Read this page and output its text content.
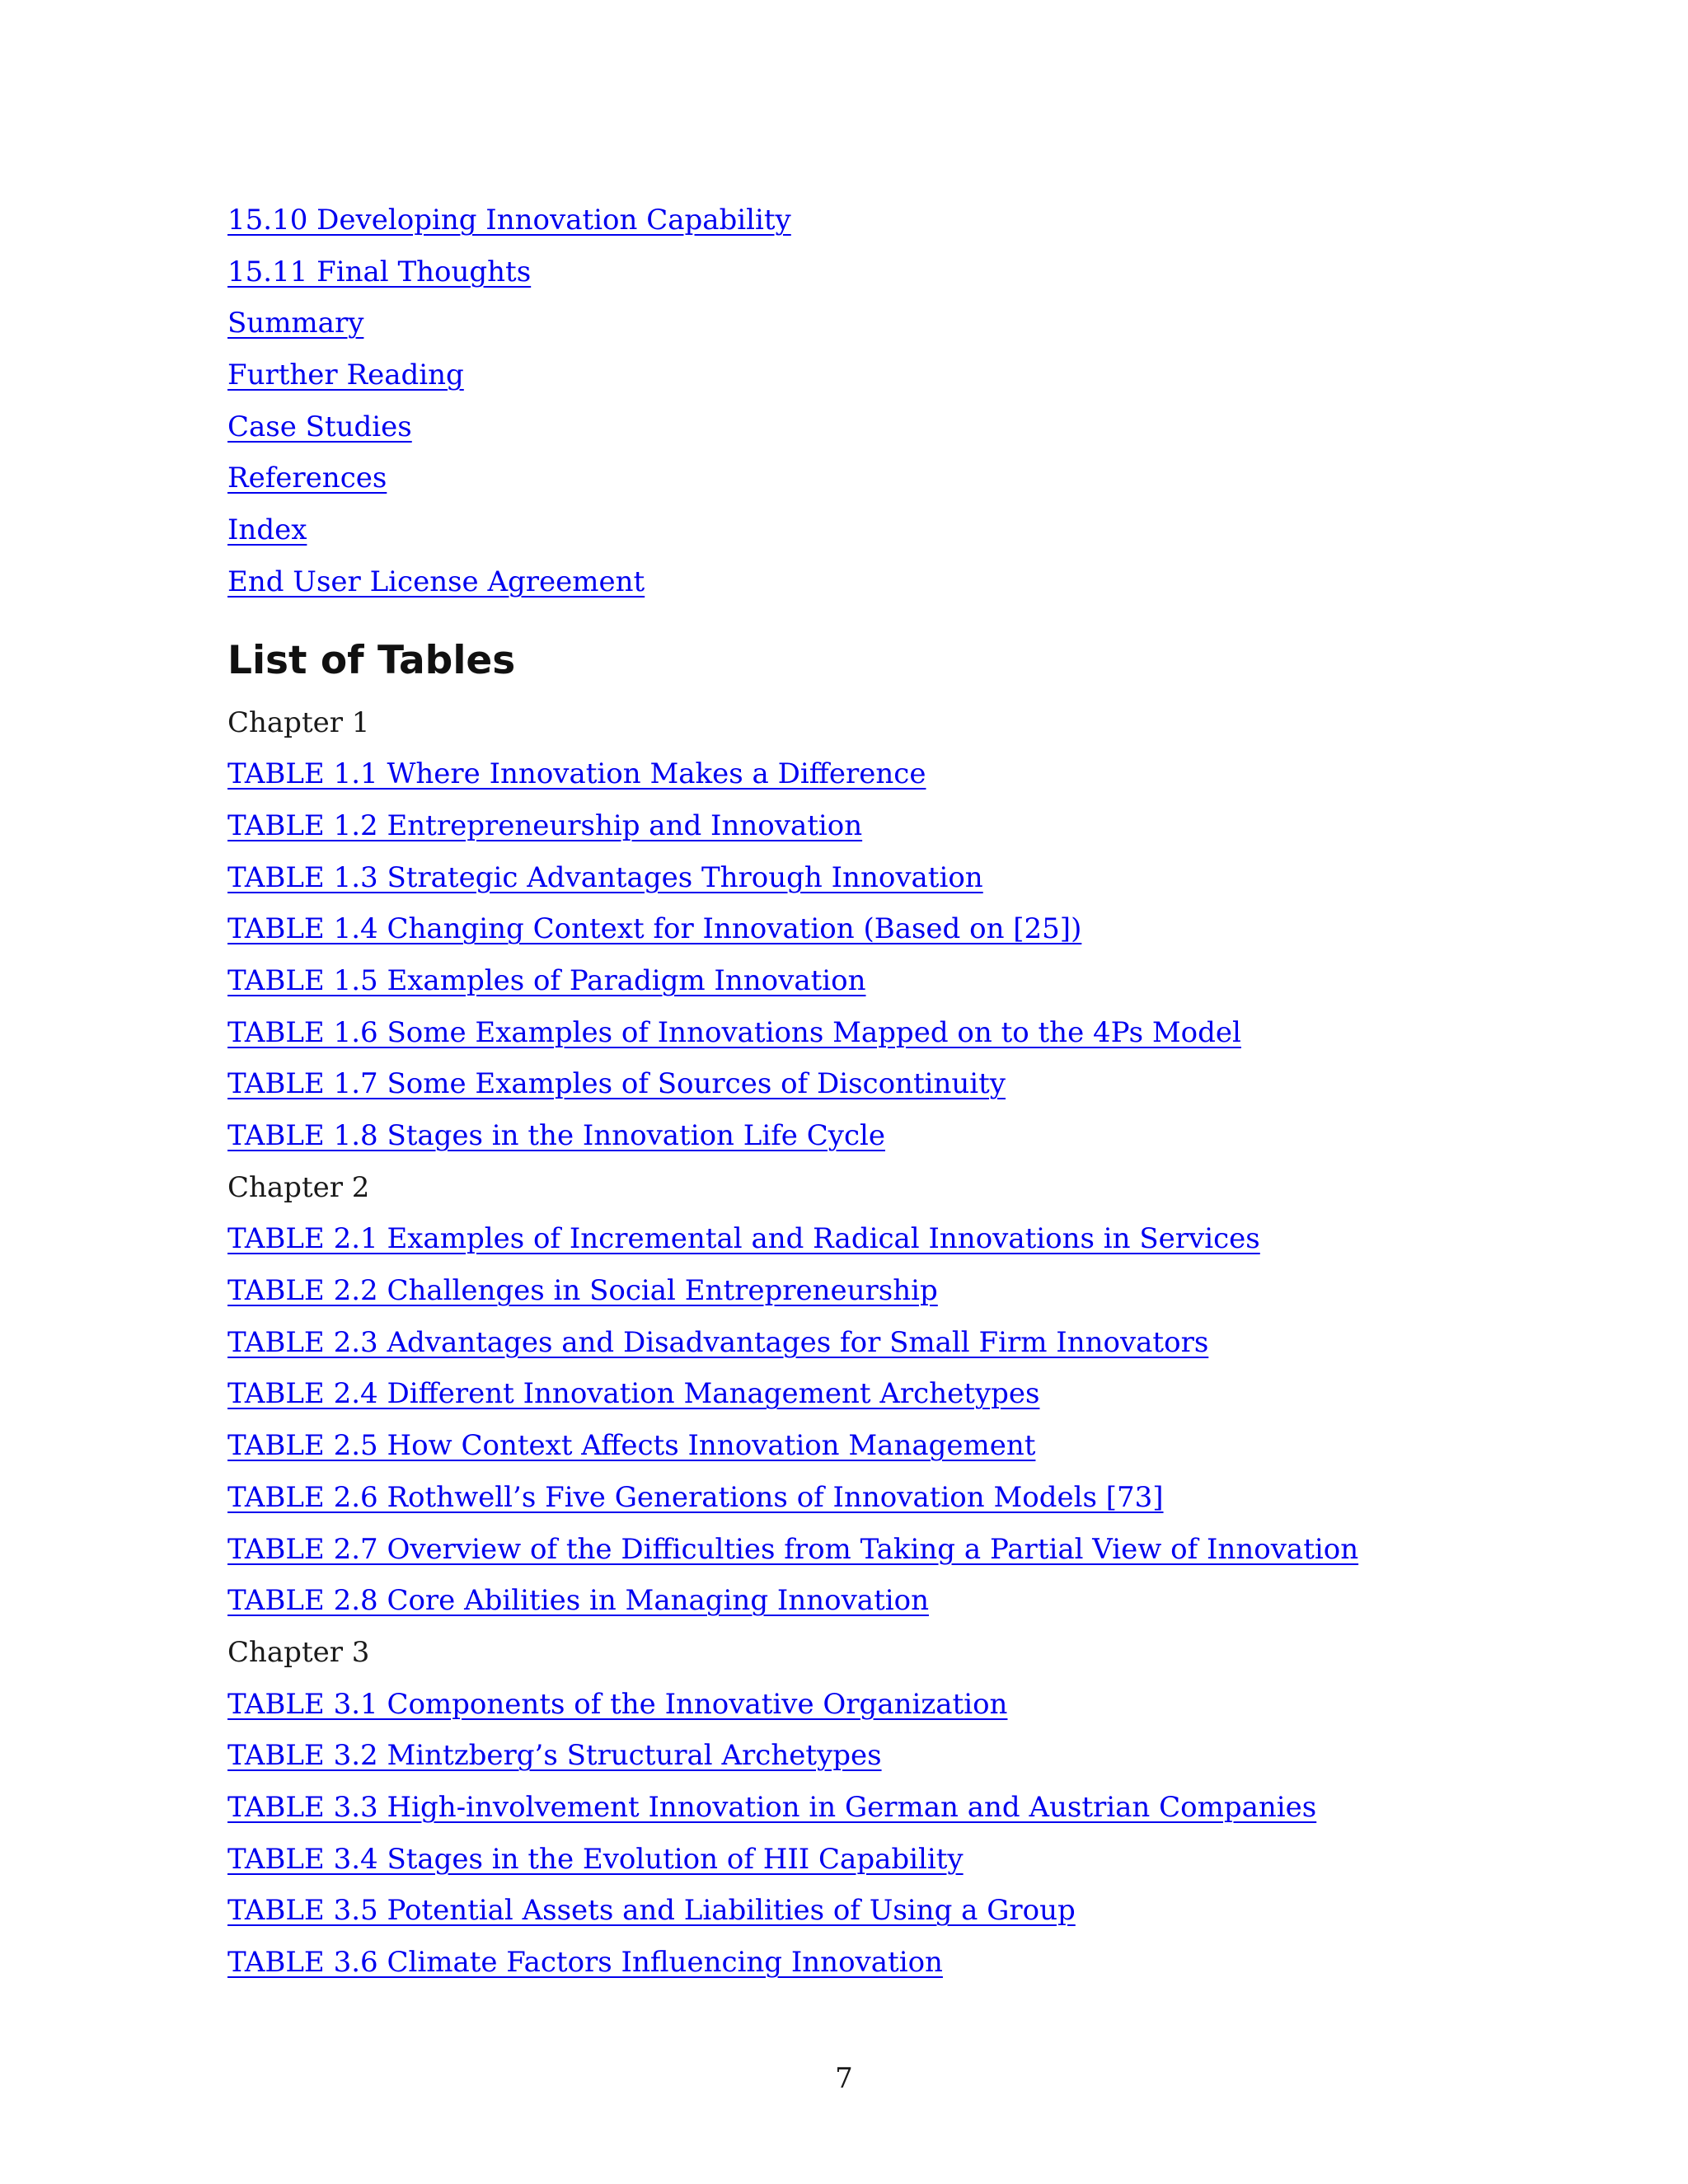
15.10 Developing Innovation Capability
15.11 Final Thoughts
Summary
Further Reading
Case Studies
References
Index
End User License Agreement
List of Tables
Chapter 1
TABLE 1.1 Where Innovation Makes a Difference
TABLE 1.2 Entrepreneurship and Innovation
TABLE 1.3 Strategic Advantages Through Innovation
TABLE 1.4 Changing Context for Innovation (Based on [25])
TABLE 1.5 Examples of Paradigm Innovation
TABLE 1.6 Some Examples of Innovations Mapped on to the 4Ps Model
TABLE 1.7 Some Examples of Sources of Discontinuity
TABLE 1.8 Stages in the Innovation Life Cycle
Chapter 2
TABLE 2.1 Examples of Incremental and Radical Innovations in Services
TABLE 2.2 Challenges in Social Entrepreneurship
TABLE 2.3 Advantages and Disadvantages for Small Firm Innovators
TABLE 2.4 Different Innovation Management Archetypes
TABLE 2.5 How Context Affects Innovation Management
TABLE 2.6 Rothwell’s Five Generations of Innovation Models [73]
TABLE 2.7 Overview of the Difficulties from Taking a Partial View of Innovation
TABLE 2.8 Core Abilities in Managing Innovation
Chapter 3
TABLE 3.1 Components of the Innovative Organization
TABLE 3.2 Mintzberg’s Structural Archetypes
TABLE 3.3 High-involvement Innovation in German and Austrian Companies
TABLE 3.4 Stages in the Evolution of HII Capability
TABLE 3.5 Potential Assets and Liabilities of Using a Group
TABLE 3.6 Climate Factors Influencing Innovation
7
